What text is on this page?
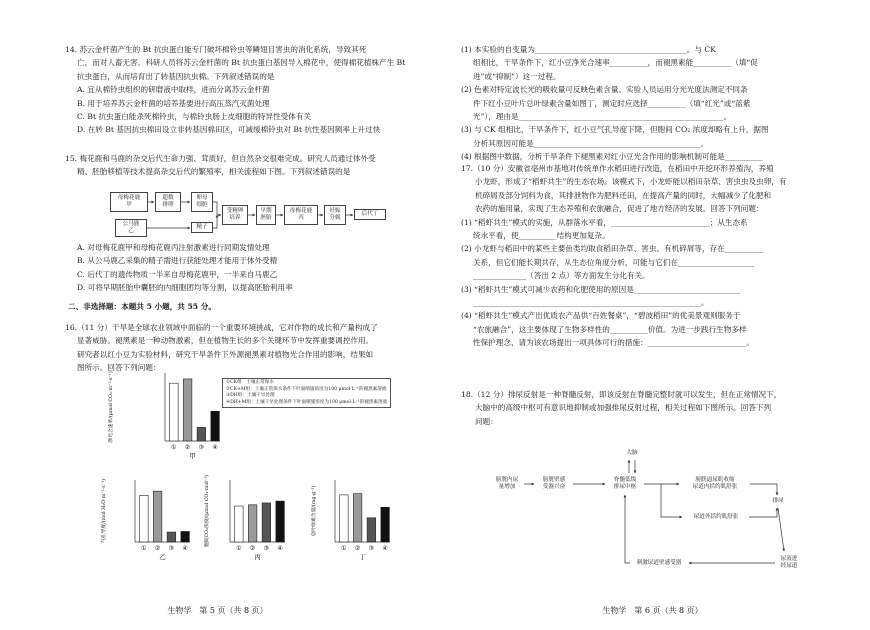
14. 苏云金杆菌产生的 Bt 抗虫蛋白能专门破坏棉铃虫等鳞翅目害虫的消化系统，导致其死
亡，而对人畜无害。科研人员将苏云金杆菌的 Bt 抗虫蛋白基因导入棉花中，使得棉花植株产生 Bt
抗虫蛋白，从而培育出了转基因抗虫棉。下列叙述错误的是
A. 宜从棉铃虫组织的研磨液中取样，进而分离苏云金杆菌
B. 用于培养苏云金杆菌的培养基要进行高压蒸汽灭菌处理
C. Bt 抗虫蛋白能杀死棉铃虫，与棉铃虫肠上皮细胞的特异性受体有关
D. 在转 Bt 基因抗虫棉田设立非转基因棉田区，可减缓棉铃虫对 Bt 抗性基因频率上升过快
15. 梅花鹿和马鹿的杂交后代生命力强、茸质好，但自然杂交很难完成。研究人员通过体外受
精、胚胎移植等技术提高杂交后代的繁殖率，相关流程如下图。下列叙述错误的是
母梅花鹿
甲
超数
排卵
卵母
细胞
公马鹿
乙
精子
受精卵
培养
早期
胚胎
母梅花鹿
丙
妊娠
分娩
后代丁
A. 对母梅花鹿甲和母梅花鹿丙注射激素进行同期发情处理
B. 从公马鹿乙采集的精子需进行获能处理才能用于体外受精
C. 后代丁的遗传物质一半来自母梅花鹿甲，一半来自马鹿乙
D. 可将早期胚胎中囊胚的内细胞团均等分割，以提高胚胎利用率
二、非选择题：本题共 5 小题，共 55 分。
16.（11 分）干旱是全球农业领域中面临的一个重要环境挑战，它对作物的成长和产量构成了
显著威胁。褪黑素是一种动物激素，但在植物生长的多个关键环节中发挥重要调控作用。
研究者以红小豆为实验材料，研究干旱条件下外源褪黑素对植物光合作用的影响，结果如
图所示。回答下列问题：
①CK组：土壤正常保水
②CK+M组：土壤正常保水条件下叶面喷施浓度为100 μmol·L⁻¹的褪黑素溶液
③DH组：土壤干旱处理
④DH+M组：土壤干旱处理条件下叶面喷施浓度为100 μmol·L⁻¹的褪黑素溶液
① ② ③ ④
甲
净光合速率/(μmol CO₂·m⁻²·s⁻¹)
① ② ③ ④
乙
气孔导度/(mol H₂O·m⁻²·s⁻¹)
① ② ③ ④
丙
胞间CO₂浓度/(μmol CO₂·mol⁻¹)
① ② ③ ④
丁
总叶绿素含量/(mg·g⁻¹)
生物学　第 5 页（共 8 页）
(1) 本实验的自变量为________________________________________。与 CK
组相比，干旱条件下，红小豆净光合速率__________，而褪黑素能__________（填“促
进”或“抑制”）这一过程。
(2) 色素对特定波长光的吸收量可反映色素含量。实验人员运用分光光度法测定不同条
件下红小豆叶片总叶绿素含量如图丁，测定时应选择__________（填“红光”或“蓝紫
光”），理由是______________________________________________________。
(3) 与 CK 组相比，干旱条件下，红小豆气孔导度下降，但胞间 CO₂ 浓度却略有上升，据图
分析其原因可能是____________________________________________。
(4) 根据图中数据，分析干旱条件下褪黑素对红小豆光合作用的影响机制可能是__________
17.（10 分）安徽省亳州市基地对传统单作水稻田进行改造，在稻田中开挖环形养殖沟，养殖
小龙虾，形成了“稻虾共生”的生态农场。该模式下，小龙虾能以稻田杂草、害虫虫及虫卵，有
机碎屑及部分饲料为食，其排泄物作为肥料还田，在提高产量的同时，大幅减少了化肥和
农药的施用量，实现了生态养殖和农旅融合，促进了地方经济的发展。回答下列问题：
(1) “稻虾共生”模式的实施，从群落水平看，__________________________；从生态系
统水平看，使__________结构更加复杂。
(2) 小龙虾与稻田中的某些主要鱼类均取食稻田杂草、害虫、有机碎屑等，存在__________
关系，但它们能长期共存，从生态位角度分析，可能与它们在____________________
______________（答出 2 点）等方面发生分化有关。
(3) “稻虾共生”模式可减少农药和化肥使用的原因是____________________________
____________________________________________________________。
(4) “稻虾共生”模式产出优质农产品供“百姓餐桌”，“碧波稻田”的优美景观则服务于
“农旅融合”，这主要体现了生物多样性的__________价值。为进一步践行生物多样
性保护理念，请为该农场提出一项具体可行的措施：__________________________。
18.（12 分）排尿反射是一种脊髓反射，即该反射在脊髓完整时就可以发生，但在正常情况下，
大脑中的高级中枢可有意识地抑制或加强排尿反射过程，相关过程如下图所示。回答下列
问题：
大脑
膀胱内尿
量增加
膀胱壁感
受器兴奋
脊髓低级
排尿中枢
膀胱逼尿肌收缩
尿道内括约肌舒张
尿道外括约肌舒张
排尿
刺激尿道壁感受器
尿液进
经尿道
生物学　第 6 页（共 8 页）
